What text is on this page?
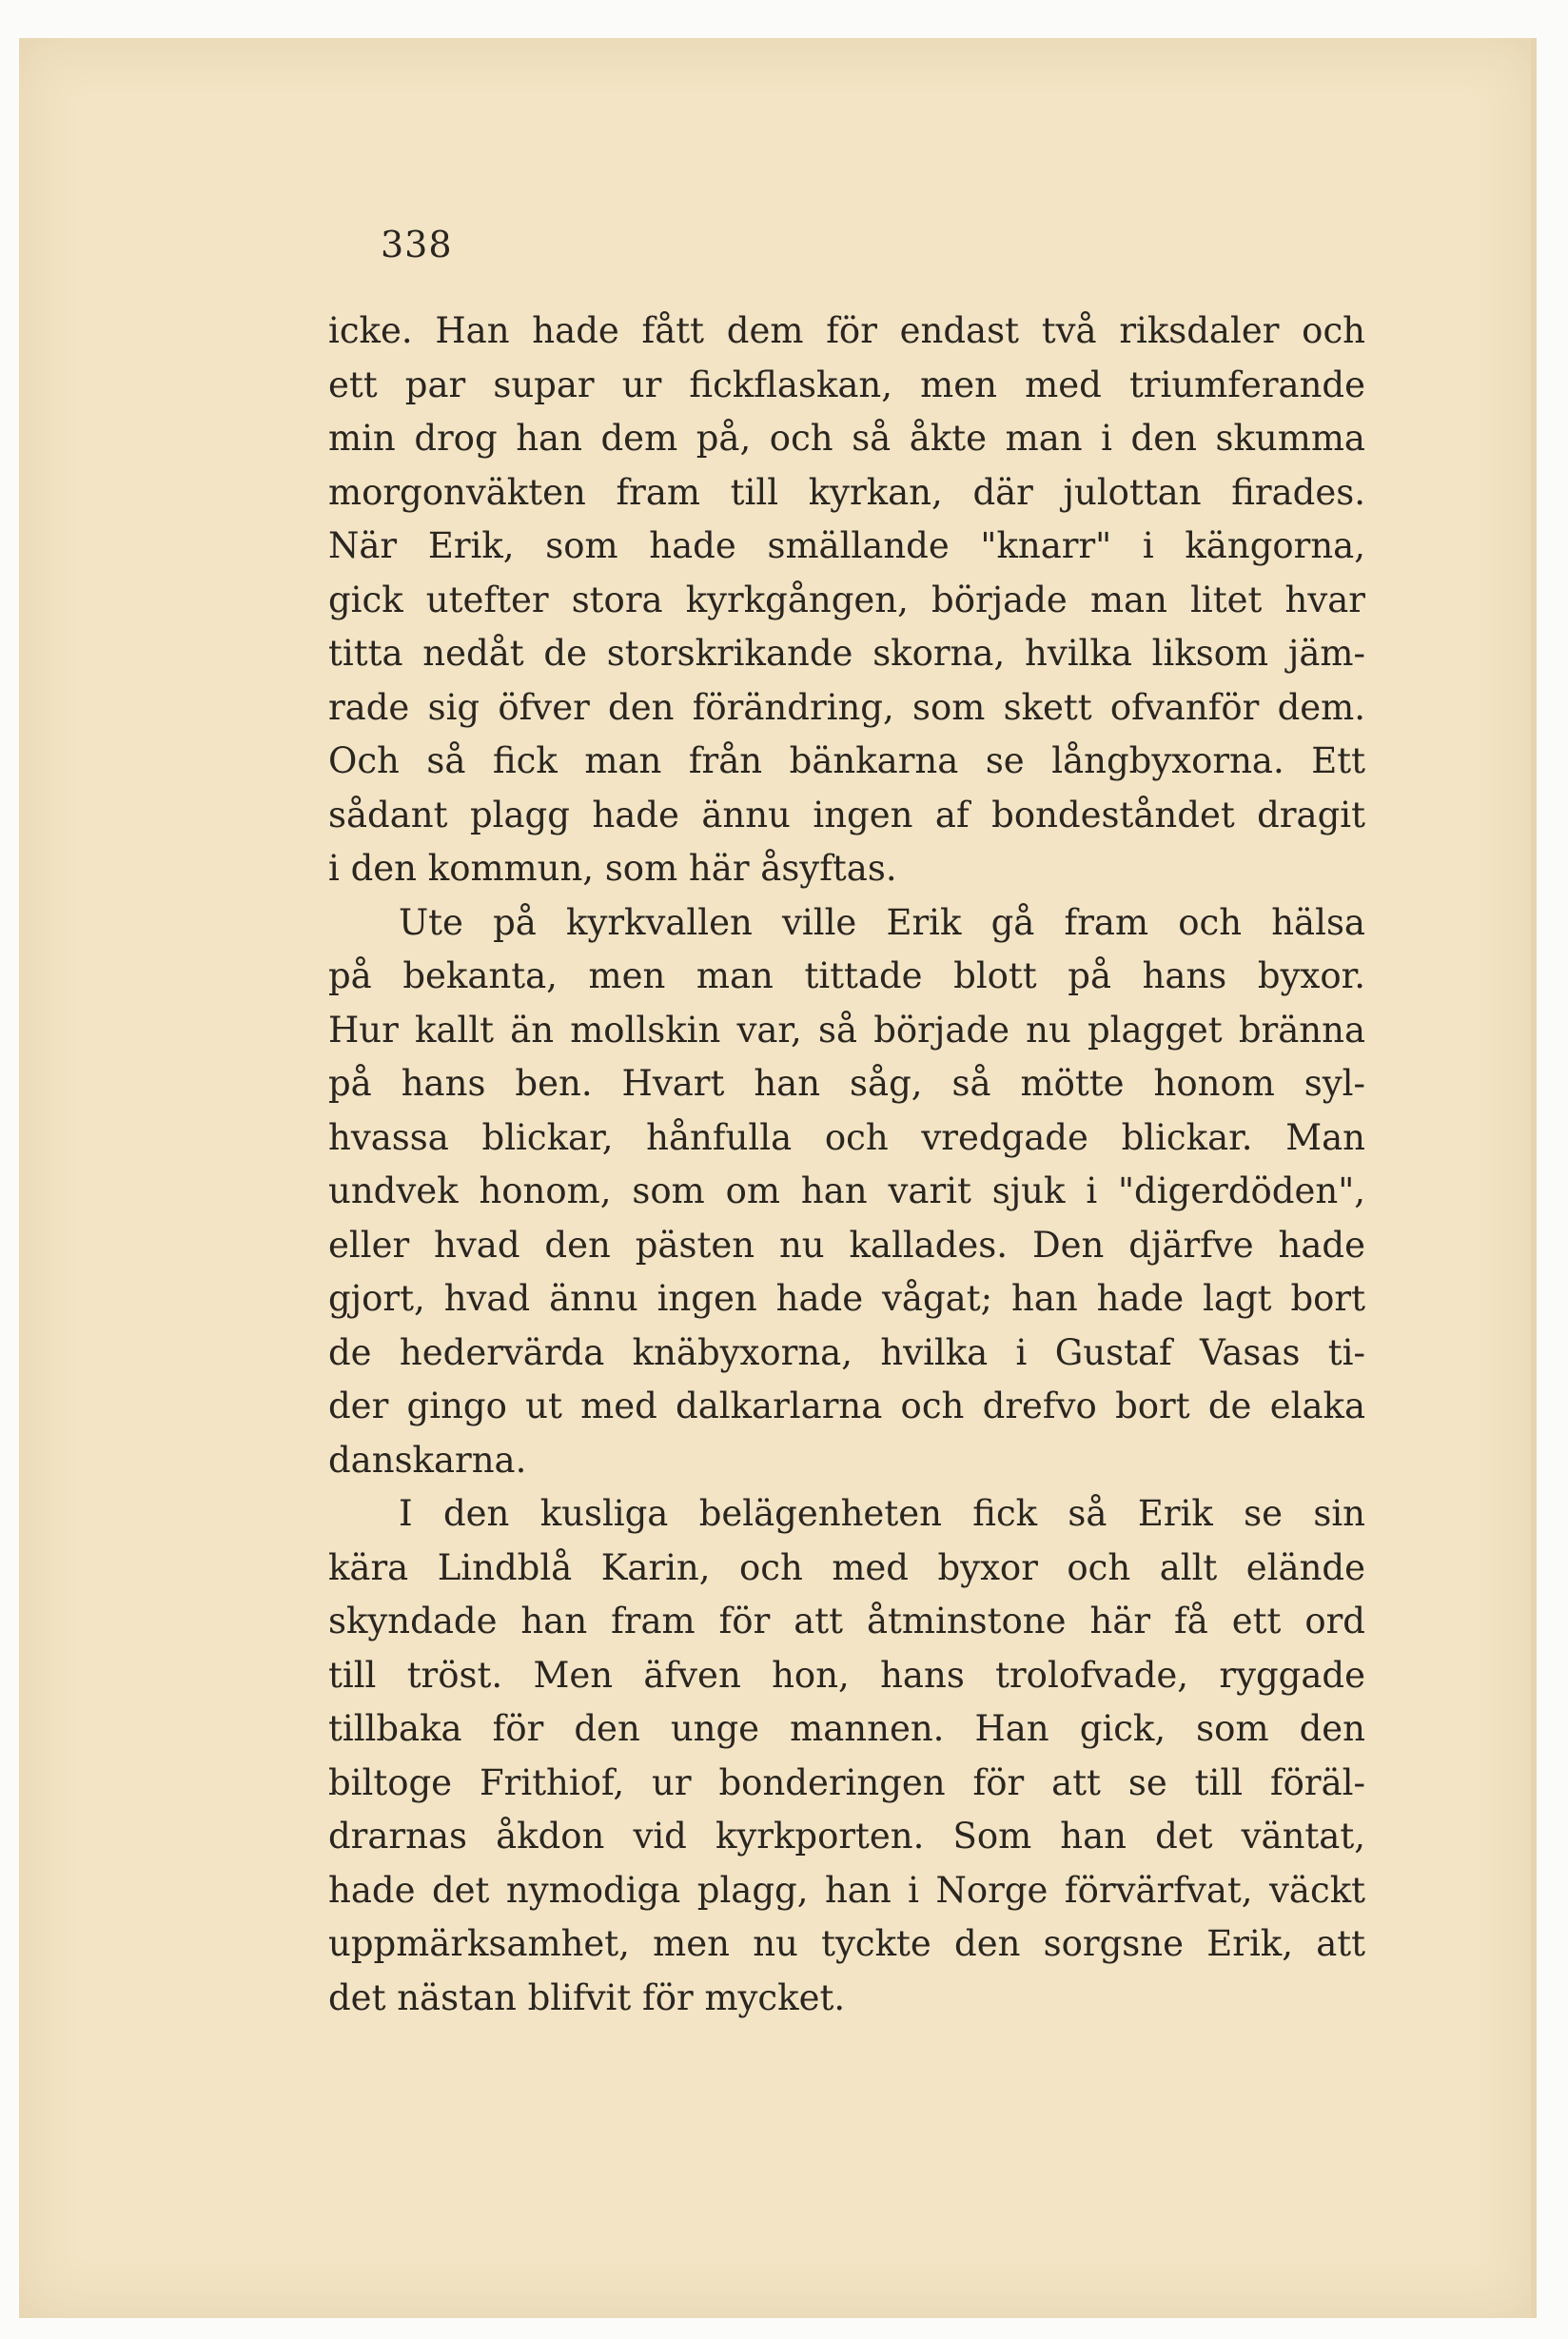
338
icke. Han hade fått dem för endast två riksdaler och
ett par supar ur fickflaskan, men med triumferande
min drog han dem på, och så åkte man i den skumma
morgonväkten fram till kyrkan, där julottan firades.
När Erik, som hade smällande "knarr" i kängorna,
gick utefter stora kyrkgången, började man litet hvar
titta nedåt de storskrikande skorna, hvilka liksom jäm-
rade sig öfver den förändring, som skett ofvanför dem.
Och så fick man från bänkarna se långbyxorna. Ett
sådant plagg hade ännu ingen af bondeståndet dragit
i den kommun, som här åsyftas.
Ute på kyrkvallen ville Erik gå fram och hälsa
på bekanta, men man tittade blott på hans byxor.
Hur kallt än mollskin var, så började nu plagget bränna
på hans ben. Hvart han såg, så mötte honom syl-
hvassa blickar, hånfulla och vredgade blickar. Man
undvek honom, som om han varit sjuk i "digerdöden",
eller hvad den pästen nu kallades. Den djärfve hade
gjort, hvad ännu ingen hade vågat; han hade lagt bort
de hedervärda knäbyxorna, hvilka i Gustaf Vasas ti-
der gingo ut med dalkarlarna och drefvo bort de elaka
danskarna.
I den kusliga belägenheten fick så Erik se sin
kära Lindblå Karin, och med byxor och allt elände
skyndade han fram för att åtminstone här få ett ord
till tröst. Men äfven hon, hans trolofvade, ryggade
tillbaka för den unge mannen. Han gick, som den
biltoge Frithiof, ur bonderingen för att se till föräl-
drarnas åkdon vid kyrkporten. Som han det väntat,
hade det nymodiga plagg, han i Norge förvärfvat, väckt
uppmärksamhet, men nu tyckte den sorgsne Erik, att
det nästan blifvit för mycket.
